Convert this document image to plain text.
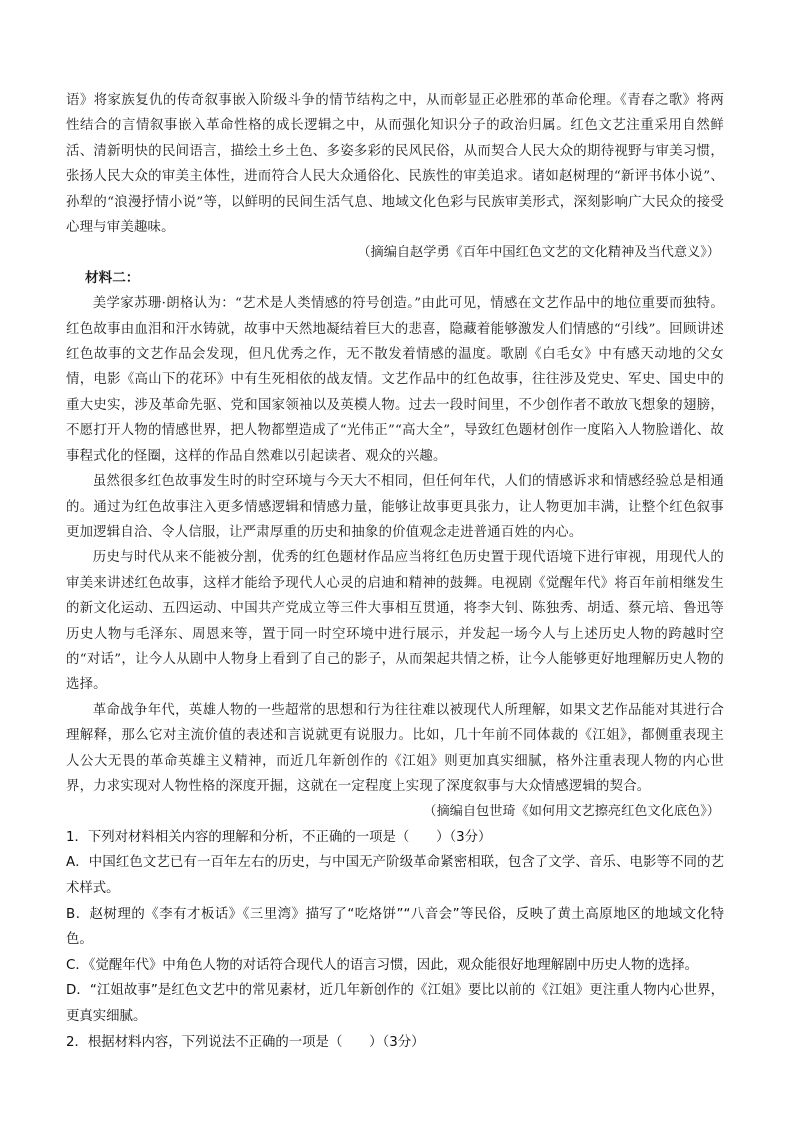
语》将家族复仇的传奇叙事嵌入阶级斗争的情节结构之中，从而彰显正必胜邪的革命伦理。《青春之歌》将两性结合的言情叙事嵌入革命性格的成长逻辑之中，从而强化知识分子的政治归属。红色文艺注重采用自然鲜活、清新明快的民间语言，描绘土乡土色、多姿多彩的民风民俗，从而契合人民大众的期待视野与审美习惯，张扬人民大众的审美主体性，进而符合人民大众通俗化、民族性的审美追求。诸如赵树理的“新评书体小说”、孙犁的“浪漫抒情小说”等，以鲜明的民间生活气息、地域文化色彩与民族审美形式，深刻影响广大民众的接受心理与审美趣味。

（摘编自赵学勇《百年中国红色文艺的文化精神及当代意义》）

材料二：

美学家苏珊·朗格认为：“艺术是人类情感的符号创造。”由此可见，情感在文艺作品中的地位重要而独特。红色故事由血泪和汗水铸就，故事中天然地凝结着巨大的悲喜，隐藏着能够激发人们情感的“引线”。回顾讲述红色故事的文艺作品会发现，但凡优秀之作，无不散发着情感的温度。歌剧《白毛女》中有感天动地的父女情，电影《高山下的花环》中有生死相依的战友情。文艺作品中的红色故事，往往涉及党史、军史、国史中的重大史实，涉及革命先驱、党和国家领袖以及英模人物。过去一段时间里，不少创作者不敢放飞想象的翅膀，不愿打开人物的情感世界，把人物都塑造成了“光伟正”“高大全”，导致红色题材创作一度陷入人物脸谱化、故事程式化的怪圈，这样的作品自然难以引起读者、观众的兴趣。

虽然很多红色故事发生时的时空环境与今天大不相同，但任何年代，人们的情感诉求和情感经验总是相通的。通过为红色故事注入更多情感逻辑和情感力量，能够让故事更具张力，让人物更加丰满，让整个红色叙事更加逻辑自洽、令人信服，让严肃厚重的历史和抽象的价值观念走进普通百姓的内心。

历史与时代从来不能被分割，优秀的红色题材作品应当将红色历史置于现代语境下进行审视，用现代人的审美来讲述红色故事，这样才能给予现代人心灵的启迪和精神的鼓舞。电视剧《觉醒年代》将百年前相继发生的新文化运动、五四运动、中国共产党成立等三件大事相互贯通，将李大钊、陈独秀、胡适、蔡元培、鲁迅等历史人物与毛泽东、周恩来等，置于同一时空环境中进行展示，并发起一场今人与上述历史人物的跨越时空的“对话”，让今人从剧中人物身上看到了自己的影子，从而架起共情之桥，让今人能够更好地理解历史人物的选择。

革命战争年代，英雄人物的一些超常的思想和行为往往难以被现代人所理解，如果文艺作品能对其进行合理解释，那么它对主流价值的表述和言说就更有说服力。比如，几十年前不同体裁的《江姐》，都侧重表现主人公大无畏的革命英雄主义精神，而近几年新创作的《江姐》则更加真实细腻，格外注重表现人物的内心世界，力求实现对人物性格的深度开掘，这就在一定程度上实现了深度叙事与大众情感逻辑的契合。

（摘编自包世琦《如何用文艺擦亮红色文化底色》）

1．下列对材料相关内容的理解和分析，不正确的一项是（　　）（3分）

A．中国红色文艺已有一百年左右的历史，与中国无产阶级革命紧密相联，包含了文学、音乐、电影等不同的艺术样式。

B．赵树理的《李有才板话》《三里湾》描写了“吃烙饼”“八音会”等民俗，反映了黄土高原地区的地域文化特色。

C．《觉醒年代》中角色人物的对话符合现代人的语言习惯，因此，观众能很好地理解剧中历史人物的选择。

D．“江姐故事”是红色文艺中的常见素材，近几年新创作的《江姐》要比以前的《江姐》更注重人物内心世界，更真实细腻。

2．根据材料内容，下列说法不正确的一项是（　　）（3分）
